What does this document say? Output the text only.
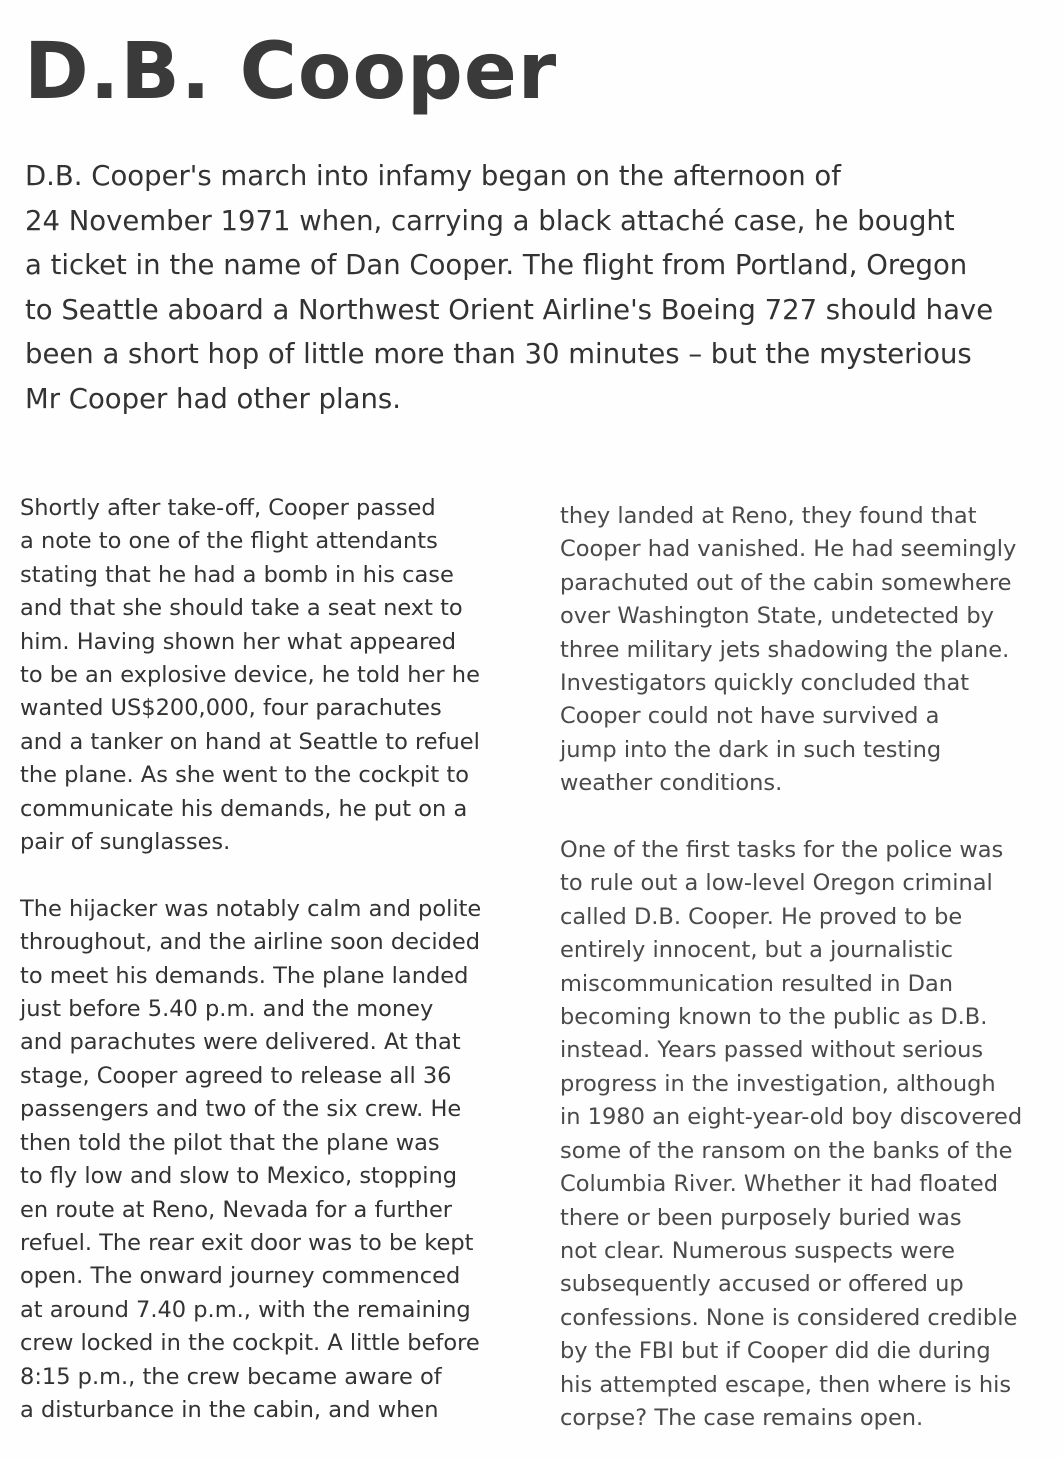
D.B. Cooper

D.B. Cooper's march into infamy began on the afternoon of
24 November 1971 when, carrying a black attaché case, he bought
a ticket in the name of Dan Cooper. The flight from Portland, Oregon
to Seattle aboard a Northwest Orient Airline's Boeing 727 should have
been a short hop of little more than 30 minutes – but the mysterious
Mr Cooper had other plans.

Shortly after take-off, Cooper passed
a note to one of the flight attendants
stating that he had a bomb in his case
and that she should take a seat next to
him. Having shown her what appeared
to be an explosive device, he told her he
wanted US$200,000, four parachutes
and a tanker on hand at Seattle to refuel
the plane. As she went to the cockpit to
communicate his demands, he put on a
pair of sunglasses.
The hijacker was notably calm and polite
throughout, and the airline soon decided
to meet his demands. The plane landed
just before 5.40 p.m. and the money
and parachutes were delivered. At that
stage, Cooper agreed to release all 36
passengers and two of the six crew. He
then told the pilot that the plane was
to fly low and slow to Mexico, stopping
en route at Reno, Nevada for a further
refuel. The rear exit door was to be kept
open. The onward journey commenced
at around 7.40 p.m., with the remaining
crew locked in the cockpit. A little before
8:15 p.m., the crew became aware of
a disturbance in the cabin, and when
they landed at Reno, they found that
Cooper had vanished. He had seemingly
parachuted out of the cabin somewhere
over Washington State, undetected by
three military jets shadowing the plane.
Investigators quickly concluded that
Cooper could not have survived a
jump into the dark in such testing
weather conditions.
One of the first tasks for the police was
to rule out a low-level Oregon criminal
called D.B. Cooper. He proved to be
entirely innocent, but a journalistic
miscommunication resulted in Dan
becoming known to the public as D.B.
instead. Years passed without serious
progress in the investigation, although
in 1980 an eight-year-old boy discovered
some of the ransom on the banks of the
Columbia River. Whether it had floated
there or been purposely buried was
not clear. Numerous suspects were
subsequently accused or offered up
confessions. None is considered credible
by the FBI but if Cooper did die during
his attempted escape, then where is his
corpse? The case remains open.
